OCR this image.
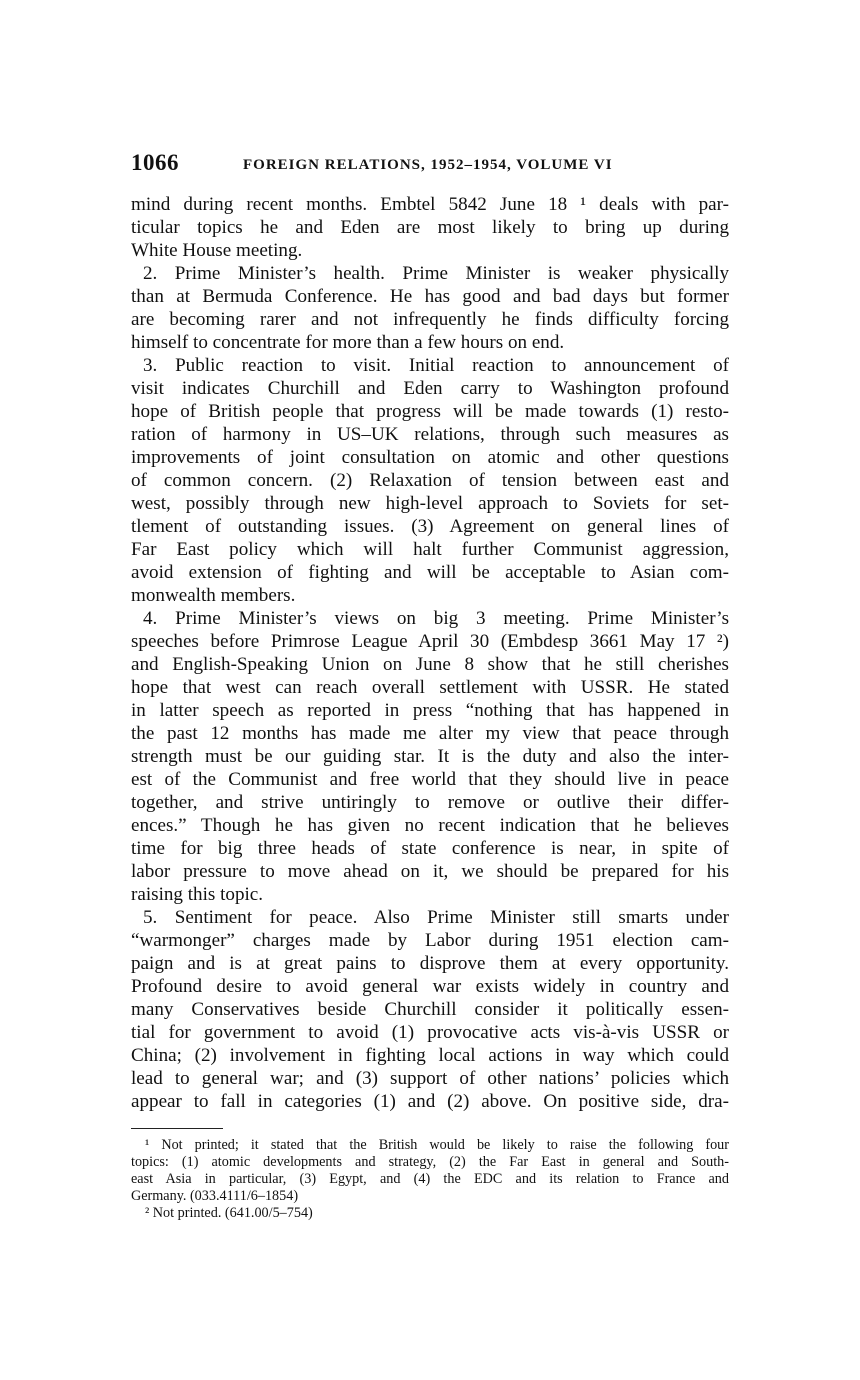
1066	FOREIGN RELATIONS, 1952–1954, VOLUME VI
mind during recent months. Embtel 5842 June 18 ¹ deals with par-
ticular topics he and Eden are most likely to bring up during
White House meeting.
2. Prime Minister’s health. Prime Minister is weaker physically
than at Bermuda Conference. He has good and bad days but former
are becoming rarer and not infrequently he finds difficulty forcing
himself to concentrate for more than a few hours on end.
3. Public reaction to visit. Initial reaction to announcement of
visit indicates Churchill and Eden carry to Washington profound
hope of British people that progress will be made towards (1) resto-
ration of harmony in US–UK relations, through such measures as
improvements of joint consultation on atomic and other questions
of common concern. (2) Relaxation of tension between east and
west, possibly through new high-level approach to Soviets for set-
tlement of outstanding issues. (3) Agreement on general lines of
Far East policy which will halt further Communist aggression,
avoid extension of fighting and will be acceptable to Asian com-
monwealth members.
4. Prime Minister’s views on big 3 meeting. Prime Minister’s
speeches before Primrose League April 30 (Embdesp 3661 May 17 ²)
and English-Speaking Union on June 8 show that he still cherishes
hope that west can reach overall settlement with USSR. He stated
in latter speech as reported in press “nothing that has happened in
the past 12 months has made me alter my view that peace through
strength must be our guiding star. It is the duty and also the inter-
est of the Communist and free world that they should live in peace
together, and strive untiringly to remove or outlive their differ-
ences.” Though he has given no recent indication that he believes
time for big three heads of state conference is near, in spite of
labor pressure to move ahead on it, we should be prepared for his
raising this topic.
5. Sentiment for peace. Also Prime Minister still smarts under
“warmonger” charges made by Labor during 1951 election cam-
paign and is at great pains to disprove them at every opportunity.
Profound desire to avoid general war exists widely in country and
many Conservatives beside Churchill consider it politically essen-
tial for government to avoid (1) provocative acts vis-à-vis USSR or
China; (2) involvement in fighting local actions in way which could
lead to general war; and (3) support of other nations’ policies which
appear to fall in categories (1) and (2) above. On positive side, dra-
¹ Not printed; it stated that the British would be likely to raise the following four
topics: (1) atomic developments and strategy, (2) the Far East in general and South-
east Asia in particular, (3) Egypt, and (4) the EDC and its relation to France and
Germany. (033.4111/6–1854)
² Not printed. (641.00/5–754)
